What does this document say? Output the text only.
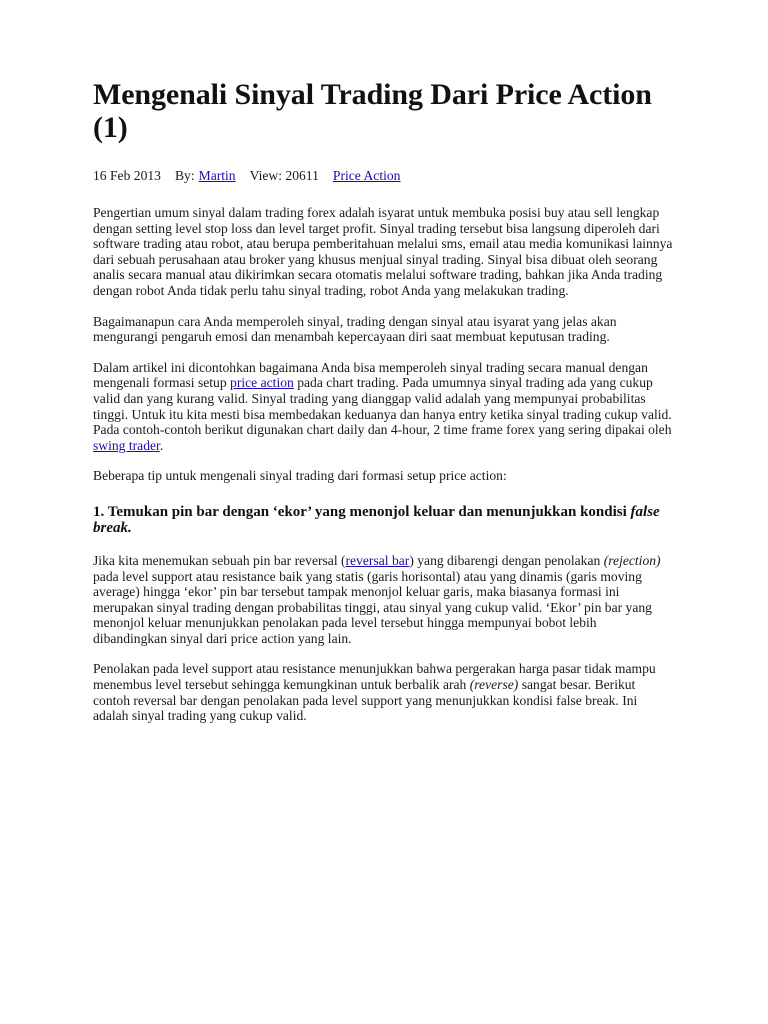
Mengenali Sinyal Trading Dari Price Action (1)
16 Feb 2013 By: Martin View: 20611 Price Action

Pengertian umum sinyal dalam trading forex adalah isyarat untuk membuka posisi buy atau sell lengkap dengan setting level stop loss dan level target profit. Sinyal trading tersebut bisa langsung diperoleh dari software trading atau robot, atau berupa pemberitahuan melalui sms, email atau media komunikasi lainnya dari sebuah perusahaan atau broker yang khusus menjual sinyal trading. Sinyal bisa dibuat oleh seorang analis secara manual atau dikirimkan secara otomatis melalui software trading, bahkan jika Anda trading dengan robot Anda tidak perlu tahu sinyal trading, robot Anda yang melakukan trading.

Bagaimanapun cara Anda memperoleh sinyal, trading dengan sinyal atau isyarat yang jelas akan mengurangi pengaruh emosi dan menambah kepercayaan diri saat membuat keputusan trading.

Dalam artikel ini dicontohkan bagaimana Anda bisa memperoleh sinyal trading secara manual dengan mengenali formasi setup price action pada chart trading. Pada umumnya sinyal trading ada yang cukup valid dan yang kurang valid. Sinyal trading yang dianggap valid adalah yang mempunyai probabilitas tinggi. Untuk itu kita mesti bisa membedakan keduanya dan hanya entry ketika sinyal trading cukup valid. Pada contoh-contoh berikut digunakan chart daily dan 4-hour, 2 time frame forex yang sering dipakai oleh swing trader.

Beberapa tip untuk mengenali sinyal trading dari formasi setup price action:

1. Temukan pin bar dengan ‘ekor’ yang menonjol keluar dan menunjukkan kondisi false break.

Jika kita menemukan sebuah pin bar reversal (reversal bar) yang dibarengi dengan penolakan (rejection) pada level support atau resistance baik yang statis (garis horisontal) atau yang dinamis (garis moving average) hingga ‘ekor’ pin bar tersebut tampak menonjol keluar garis, maka biasanya formasi ini merupakan sinyal trading dengan probabilitas tinggi, atau sinyal yang cukup valid. ‘Ekor’ pin bar yang menonjol keluar menunjukkan penolakan pada level tersebut hingga mempunyai bobot lebih dibandingkan sinyal dari price action yang lain.

Penolakan pada level support atau resistance menunjukkan bahwa pergerakan harga pasar tidak mampu menembus level tersebut sehingga kemungkinan untuk berbalik arah (reverse) sangat besar. Berikut contoh reversal bar dengan penolakan pada level support yang menunjukkan kondisi false break. Ini adalah sinyal trading yang cukup valid.
